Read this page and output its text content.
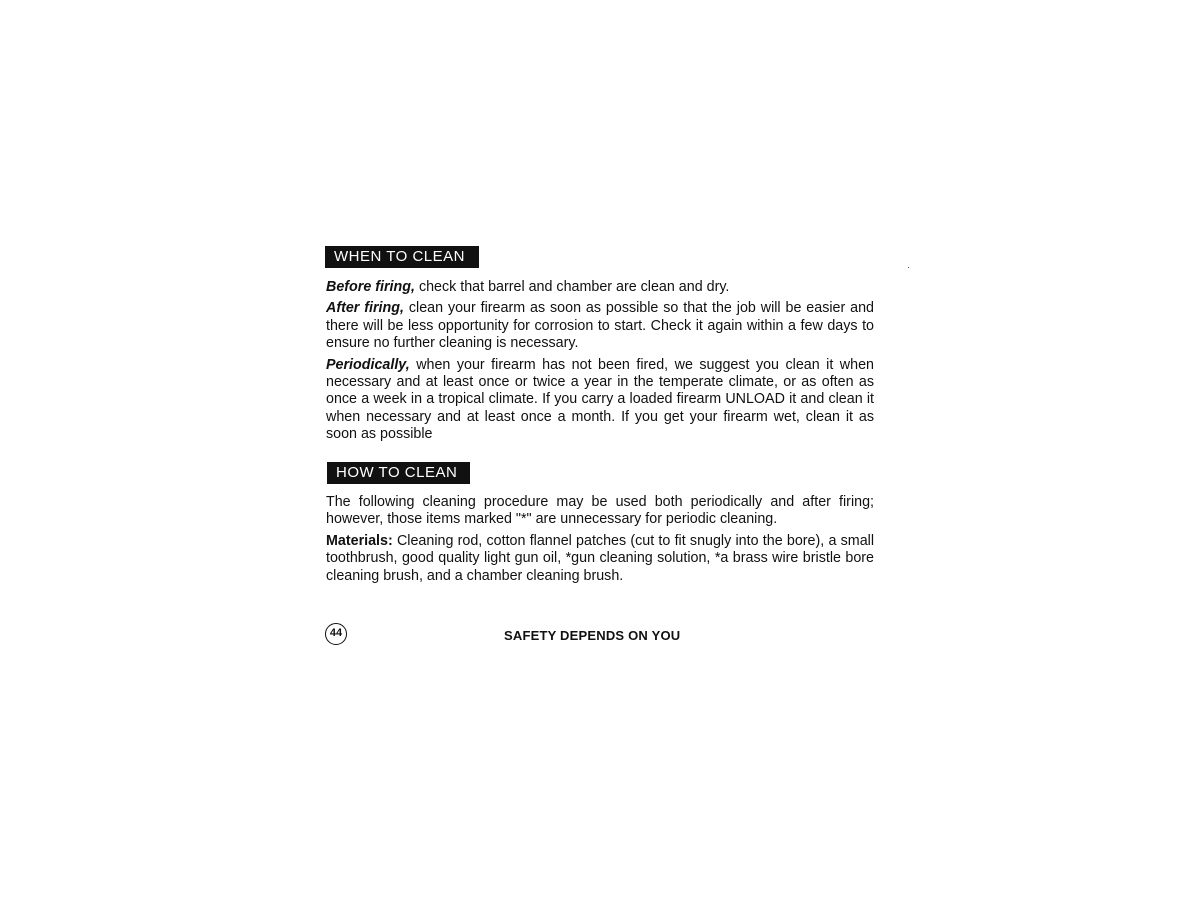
WHEN TO CLEAN

Before firing, check that barrel and chamber are clean and dry.

After firing, clean your firearm as soon as possible so that the job will be easier and there will be less opportunity for corrosion to start. Check it again within a few days to ensure no further cleaning is necessary.

Periodically, when your firearm has not been fired, we suggest you clean it when necessary and at least once or twice a year in the temperate climate, or as often as once a week in a tropical climate. If you carry a loaded firearm UNLOAD it and clean it when necessary and at least once a month. If you get your firearm wet, clean it as soon as possible

HOW TO CLEAN

The following cleaning procedure may be used both periodically and after firing; however, those items marked "*" are unnecessary for periodic cleaning.

Materials: Cleaning rod, cotton flannel patches (cut to fit snugly into the bore), a small toothbrush, good quality light gun oil, *gun cleaning solution, *a brass wire bristle bore cleaning brush, and a chamber cleaning brush.

44	SAFETY DEPENDS ON YOU
